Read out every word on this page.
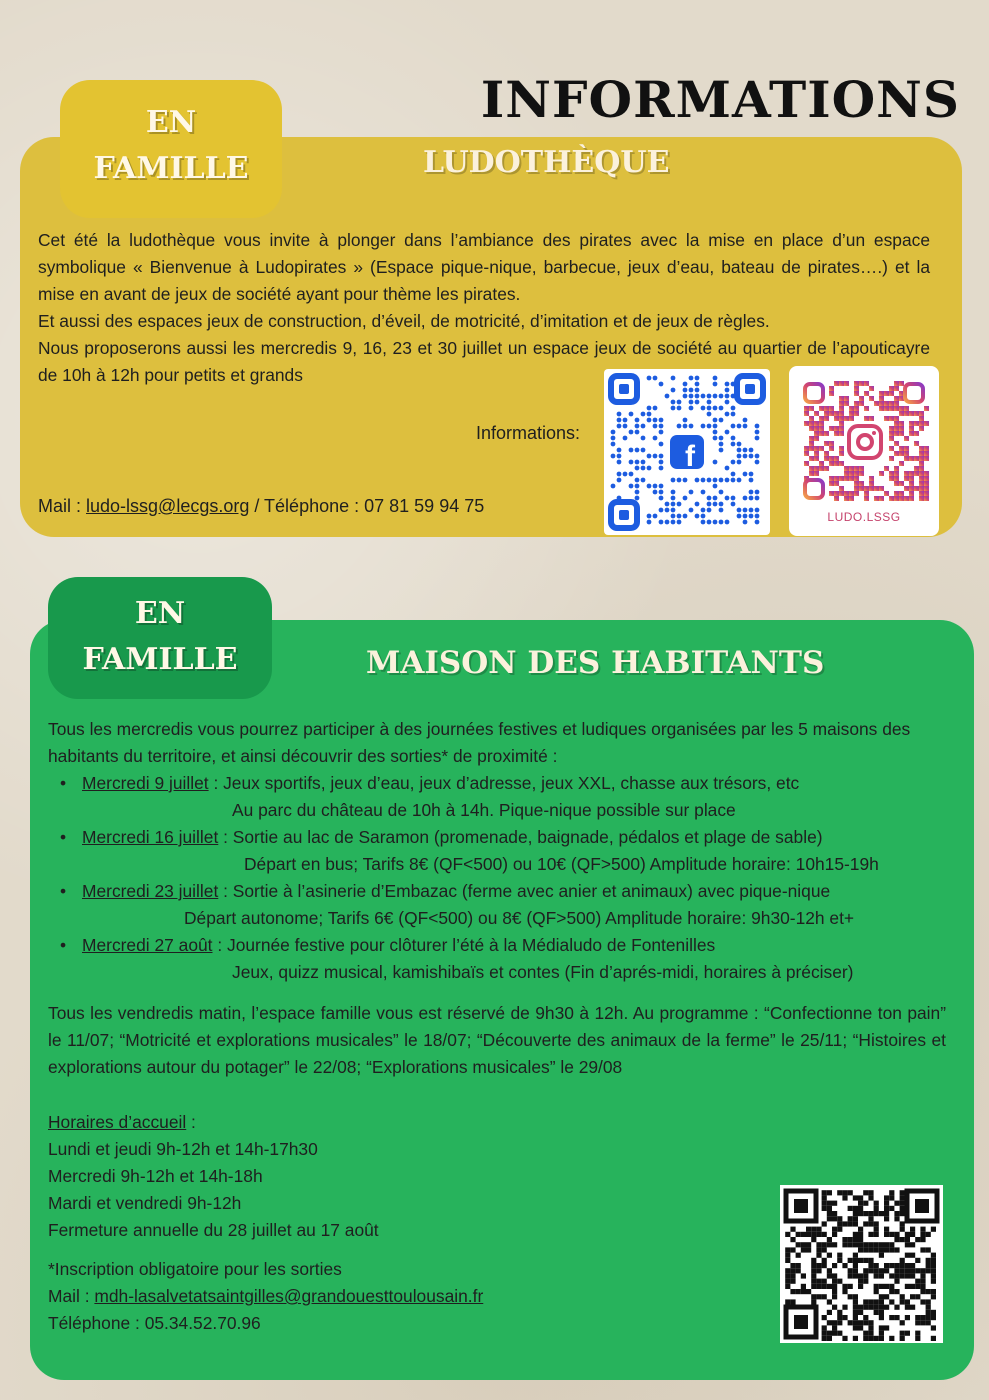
INFORMATIONS
EN
FAMILLE	LUDOTHÈQUE

Cet été la ludothèque vous invite à plonger dans l’ambiance des pirates avec la mise en place d’un espace symbolique « Bienvenue à Ludopirates » (Espace pique-nique, barbecue, jeux d’eau, bateau de pirates….) et la mise en avant de jeux de société ayant pour thème les pirates.

Et aussi des espaces jeux de construction, d’éveil, de motricité, d’imitation et de jeux de règles.

Nous proposerons aussi les mercredis 9, 16, 23 et 30 juillet un espace jeux de société au quartier de l’apouticayre de 10h à 12h pour petits et grands

Informations:
Mail : ludo-lssg@lecgs.org / Téléphone : 07 81 59 94 75
f
LUDO.LSSG
EN
FAMILLE	MAISON DES HABITANTS

Tous les mercredis vous pourrez participer à des journées festives et ludiques organisées par les 5 maisons des habitants du territoire, et ainsi découvrir des sorties* de proximité :

• Mercredi 9 juillet : Jeux sportifs, jeux d’eau, jeux d’adresse, jeux XXL, chasse aux trésors, etc
Au parc du château de 10h à 14h. Pique-nique possible sur place
• Mercredi 16 juillet : Sortie au lac de Saramon (promenade, baignade, pédalos et plage de sable)
Départ en bus; Tarifs 8€ (QF<500) ou 10€ (QF>500) Amplitude horaire: 10h15-19h
• Mercredi 23 juillet : Sortie à l’asinerie d’Embazac (ferme avec anier et animaux) avec pique-nique
Départ autonome; Tarifs 6€ (QF<500) ou 8€ (QF>500) Amplitude horaire: 9h30-12h et+
• Mercredi 27 août : Journée festive pour clôturer l’été à la Médialudo de Fontenilles
Jeux, quizz musical, kamishibaïs et contes (Fin d’aprés-midi, horaires à préciser)

Tous les vendredis matin, l’espace famille vous est réservé de 9h30 à 12h. Au programme : “Confectionne ton pain” le 11/07; “Motricité et explorations musicales” le 18/07; “Découverte des animaux de la ferme” le 25/11; “Histoires et explorations autour du potager” le 22/08; “Explorations musicales” le 29/08

Horaires d’accueil :

Lundi et jeudi 9h-12h et 14h-17h30

Mercredi 9h-12h et 14h-18h

Mardi et vendredi 9h-12h

Fermeture annuelle du 28 juillet au 17 août

*Inscription obligatoire pour les sorties

Mail : mdh-lasalvetatsaintgilles@grandouesttoulousain.fr

Téléphone : 05.34.52.70.96
